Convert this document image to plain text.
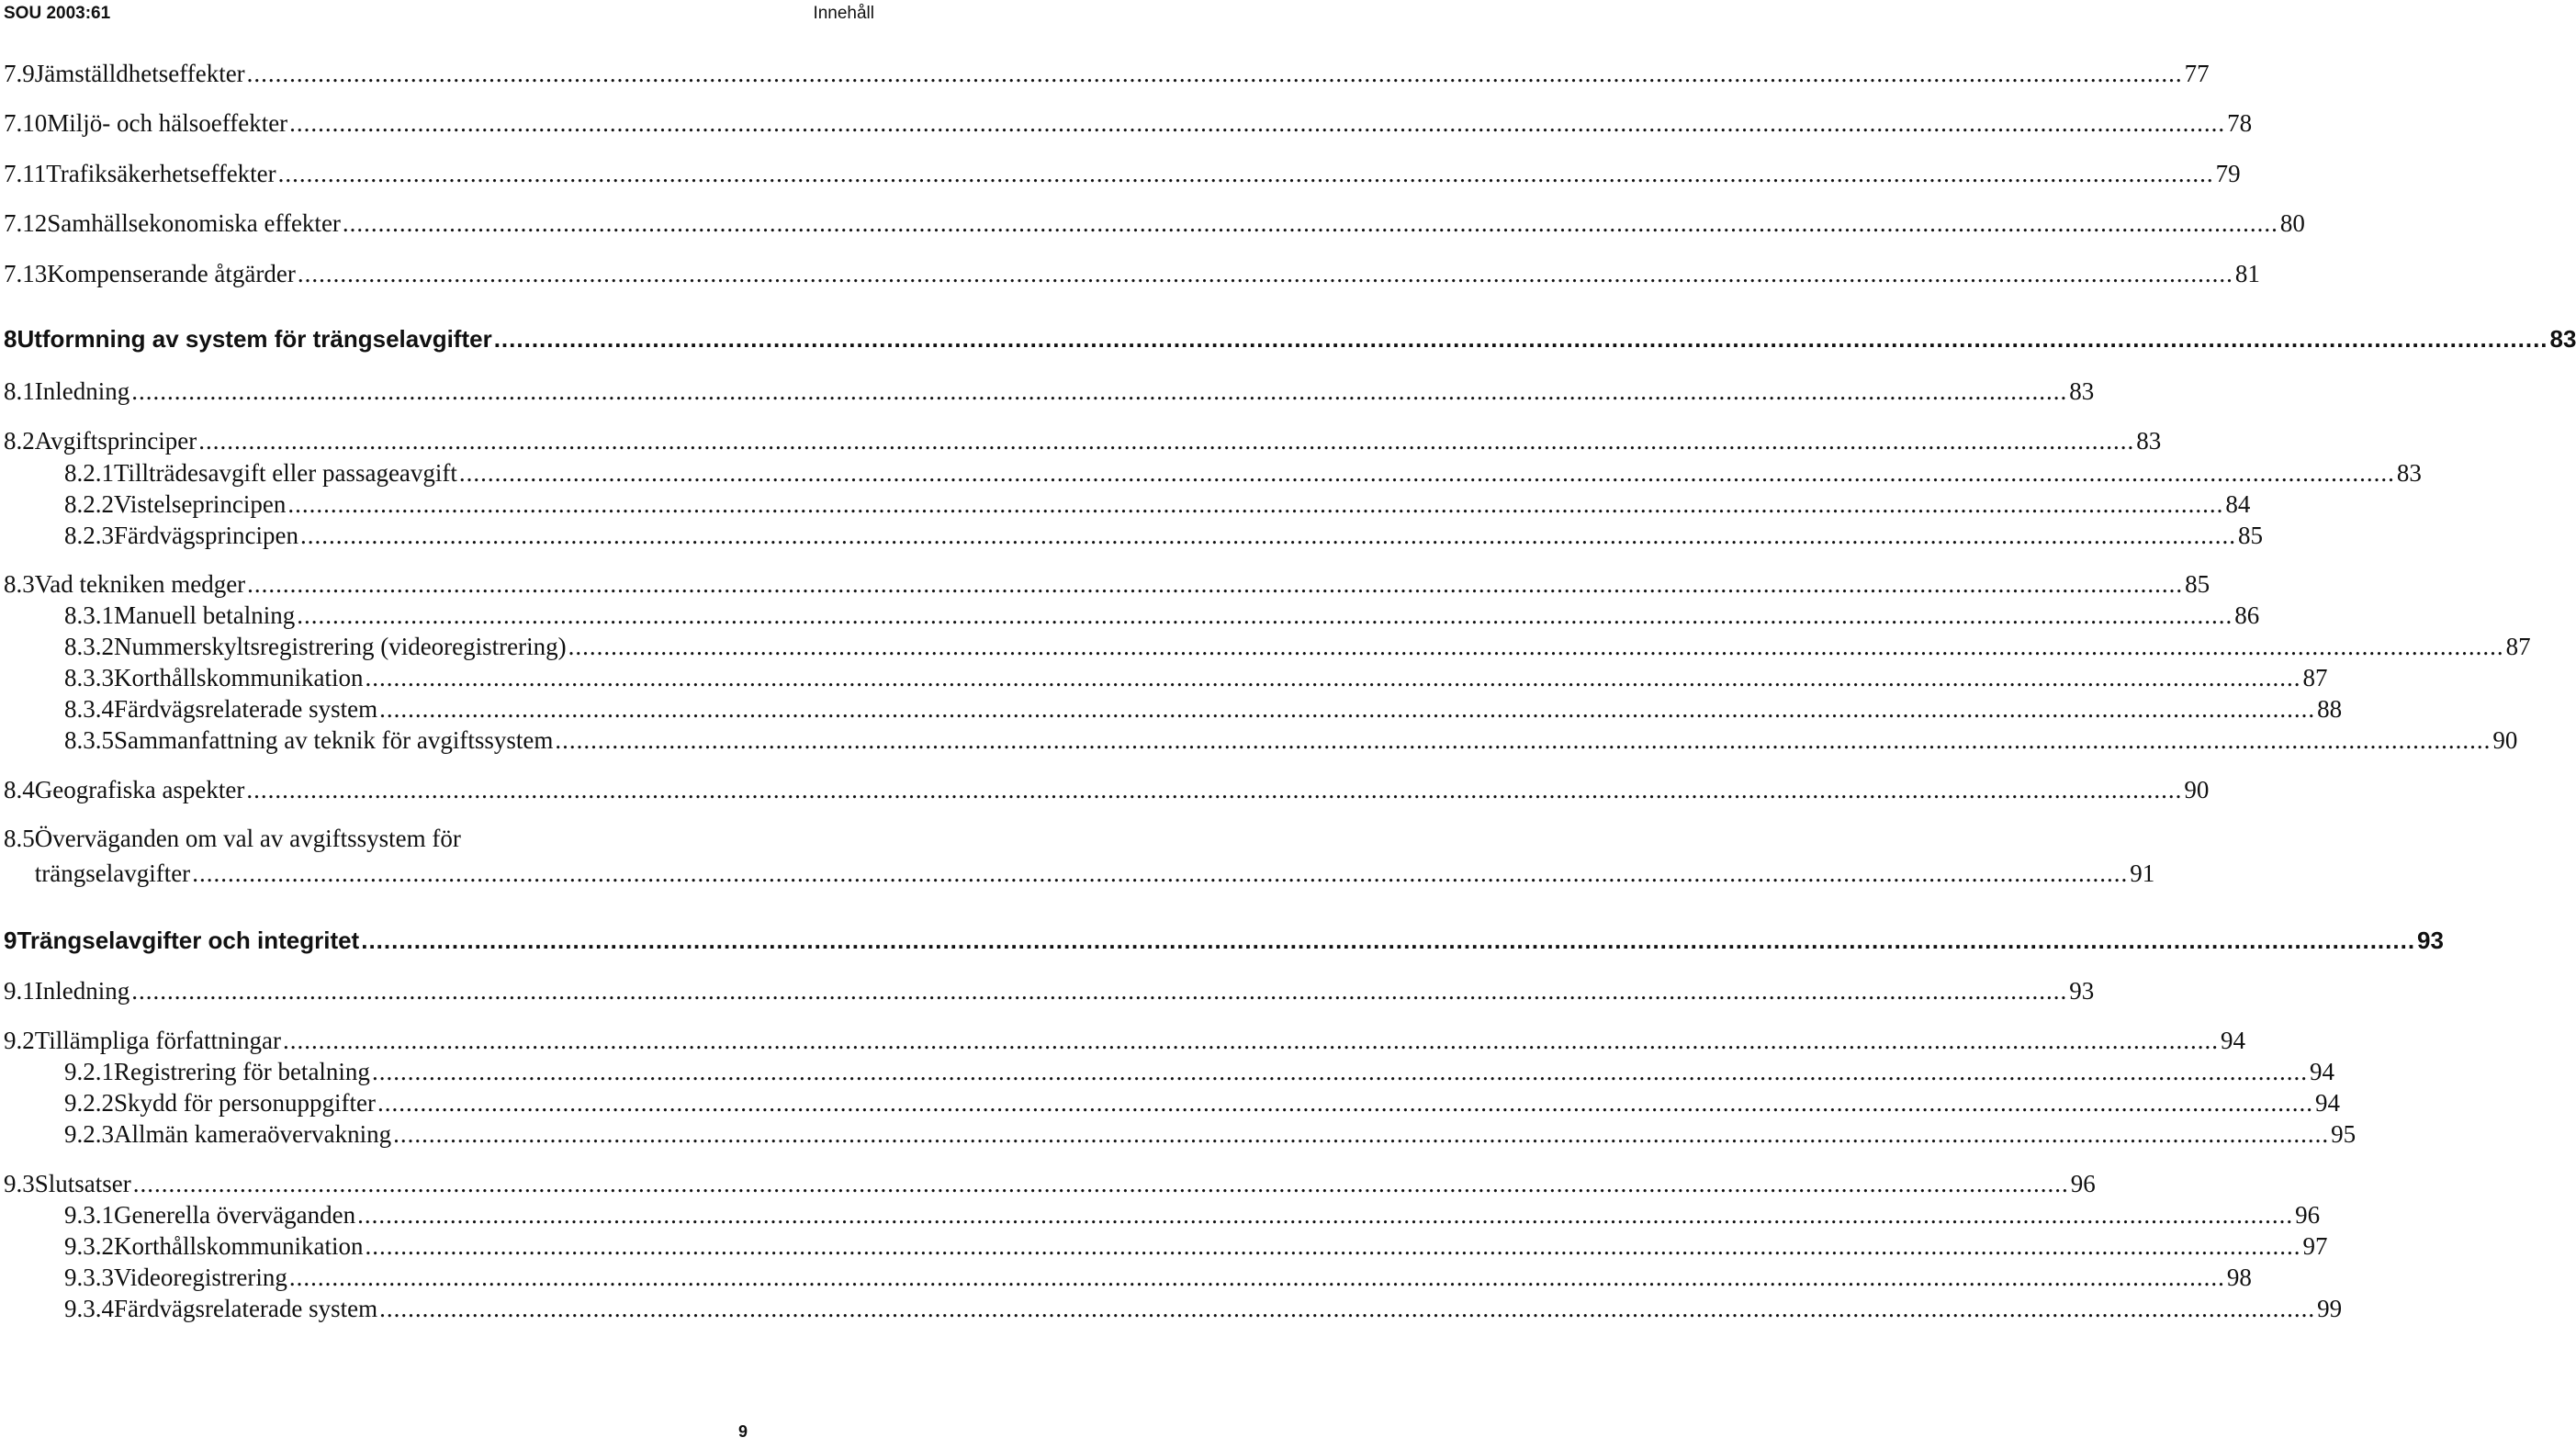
SOU 2003:61	Innehåll
7.9 Jämställdhetseffekter .....	77
7.10 Miljö- och hälsoeffekter .....	78
7.11 Trafiksäkerhetseffekter .....	79
7.12 Samhällsekonomiska effekter .....	80
7.13 Kompenserande åtgärder .....	81
8 Utformning av system för trängselavgifter .....	83
8.1 Inledning .....	83
8.2 Avgiftsprinciper .....	83
8.2.1 Tillträdesavgift eller passageavgift .....	83
8.2.2 Vistelseprincipen .....	84
8.2.3 Färdvägsprincipen .....	85
8.3 Vad tekniken medger .....	85
8.3.1 Manuell betalning .....	86
8.3.2 Nummerskyltsregistrering (videoregistrering) .....	87
8.3.3 Korthållskommunikation .....	87
8.3.4 Färdvägsrelaterade system .....	88
8.3.5 Sammanfattning av teknik för avgiftssystem .....	90
8.4 Geografiska aspekter .....	90
8.5 Överväganden om val av avgiftssystem för
trängselavgifter .....	91
9 Trängselavgifter och integritet .....	93
9.1 Inledning .....	93
9.2 Tillämpliga författningar .....	94
9.2.1 Registrering för betalning .....	94
9.2.2 Skydd för personuppgifter .....	94
9.2.3 Allmän kameraövervakning .....	95
9.3 Slutsatser .....	96
9.3.1 Generella överväganden .....	96
9.3.2 Korthållskommunikation .....	97
9.3.3 Videoregistrering .....	98
9.3.4 Färdvägsrelaterade system .....	99
9
